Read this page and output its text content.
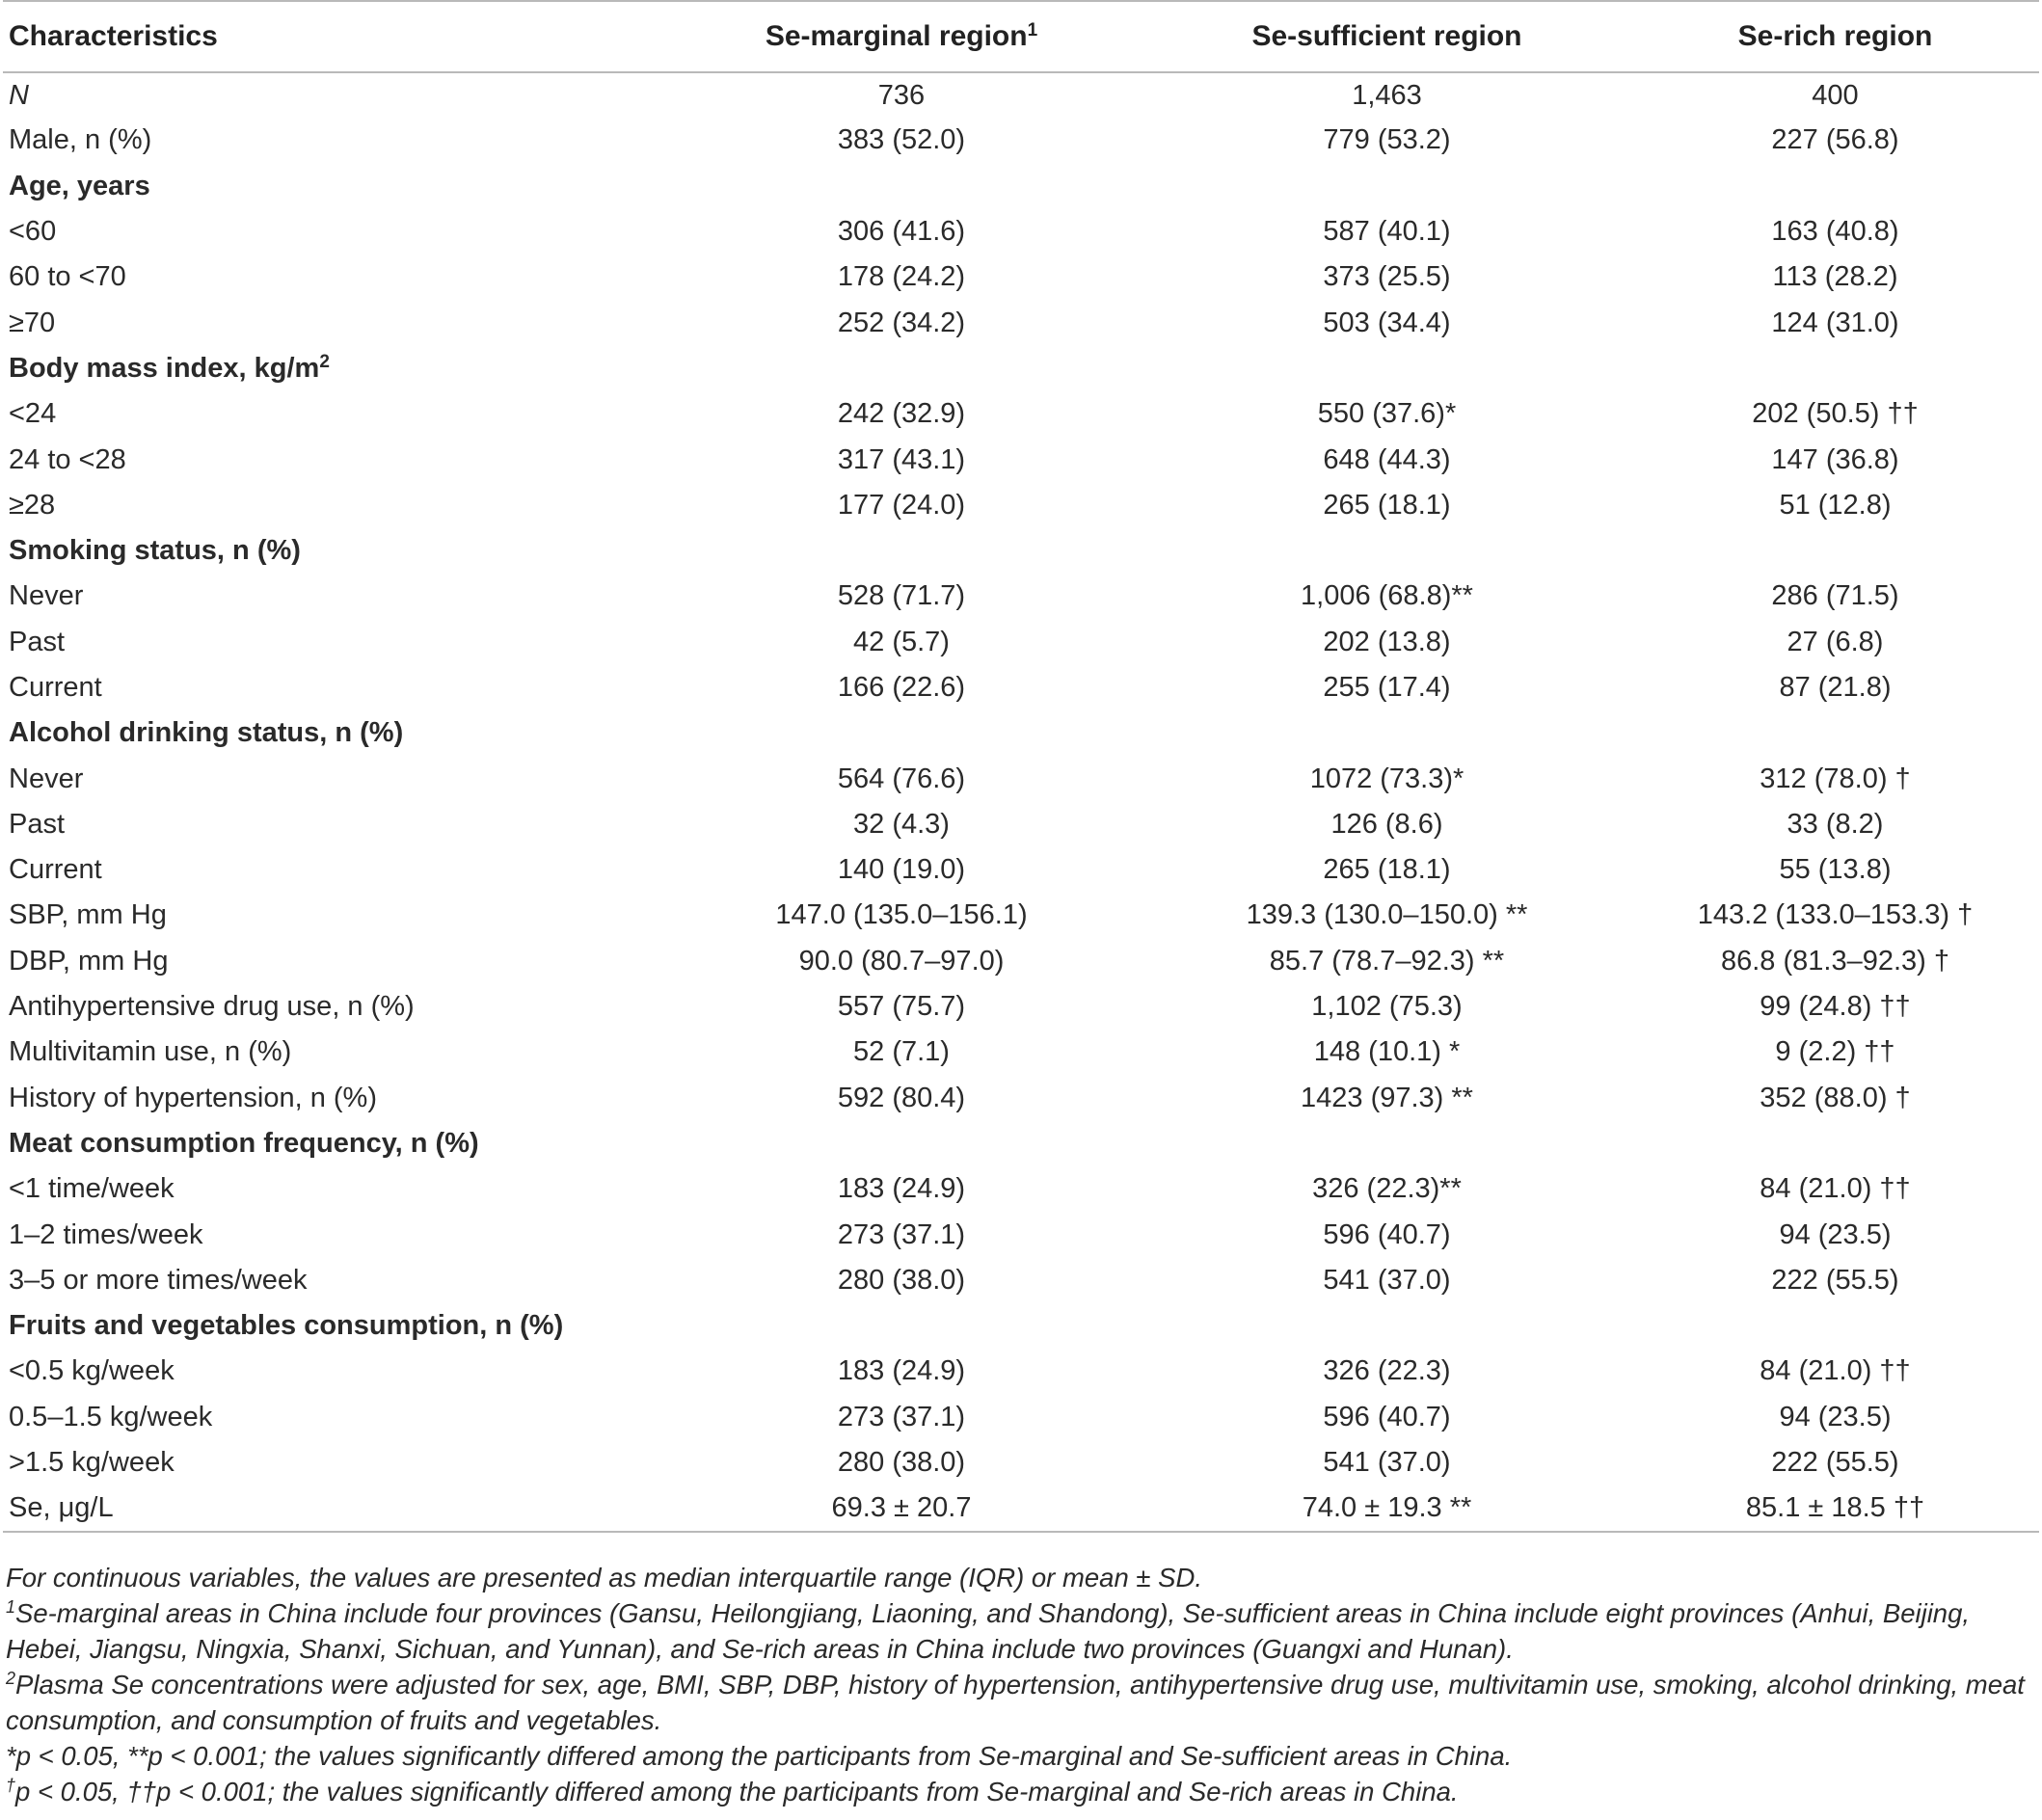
Characteristics	Se-marginal region$^1$	Se-sufficient region	Se-rich region
N	736	1,463	400
Male, n (%)	383 (52.0)	779 (53.2)	227 (56.8)
Age, years			
<60	306 (41.6)	587 (40.1)	163 (40.8)
60 to <70	178 (24.2)	373 (25.5)	113 (28.2)
≥70	252 (34.2)	503 (34.4)	124 (31.0)
Body mass index, $kg/m^2$			
<24	242 (32.9)	550 (37.6)*	202 (50.5) ††
24 to <28	317 (43.1)	648 (44.3)	147 (36.8)
≥28	177 (24.0)	265 (18.1)	51 (12.8)
Smoking status, n (%)			
Never	528 (71.7)	1,006 (68.8)**	286 (71.5)
Past	42 (5.7)	202 (13.8)	27 (6.8)
Current	166 (22.6)	255 (17.4)	87 (21.8)
Alcohol drinking status, n (%)			
Never	564 (76.6)	1072 (73.3)*	312 (78.0) †
Past	32 (4.3)	126 (8.6)	33 (8.2)
Current	140 (19.0)	265 (18.1)	55 (13.8)
SBP, mm Hg	147.0 (135.0–156.1)	139.3 (130.0–150.0) **	143.2 (133.0–153.3) †
DBP, mm Hg	90.0 (80.7–97.0)	85.7 (78.7–92.3) **	86.8 (81.3–92.3) †
Antihypertensive drug use, n (%)	557 (75.7)	1,102 (75.3)	99 (24.8) ††
Multivitamin use, n (%)	52 (7.1)	148 (10.1) *	9 (2.2) ††
History of hypertension, n (%)	592 (80.4)	1423 (97.3) **	352 (88.0) †
Meat consumption frequency, n (%)			
<1 time/week	183 (24.9)	326 (22.3)**	84 (21.0) ††
1–2 times/week	273 (37.1)	596 (40.7)	94 (23.5)
3–5 or more times/week	280 (38.0)	541 (37.0)	222 (55.5)
Fruits and vegetables consumption, n (%)			
<0.5 kg/week	183 (24.9)	326 (22.3)	84 (21.0) ††
0.5–1.5 kg/week	273 (37.1)	596 (40.7)	94 (23.5)
>1.5 kg/week	280 (38.0)	541 (37.0)	222 (55.5)
Se, μg/L	69.3 ± 20.7	74.0 ± 19.3 **	85.1 ± 18.5 ††

For continuous variables, the values are presented as median interquartile range (IQR) or mean ± SD.

$^1$Se-marginal areas in China include four provinces (Gansu, Heilongjiang, Liaoning, and Shandong), Se-sufficient areas in China include eight provinces (Anhui, Beijing, Hebei, Jiangsu, Ningxia, Shanxi, Sichuan, and Yunnan), and Se-rich areas in China include two provinces (Guangxi and Hunan).

$^2$Plasma Se concentrations were adjusted for sex, age, BMI, SBP, DBP, history of hypertension, antihypertensive drug use, multivitamin use, smoking, alcohol drinking, meat consumption, and consumption of fruits and vegetables.

*p < 0.05, **p < 0.001; the values significantly differed among the participants from Se-marginal and Se-sufficient areas in China.

†p < 0.05, ††p < 0.001; the values significantly differed among the participants from Se-marginal and Se-rich areas in China.
